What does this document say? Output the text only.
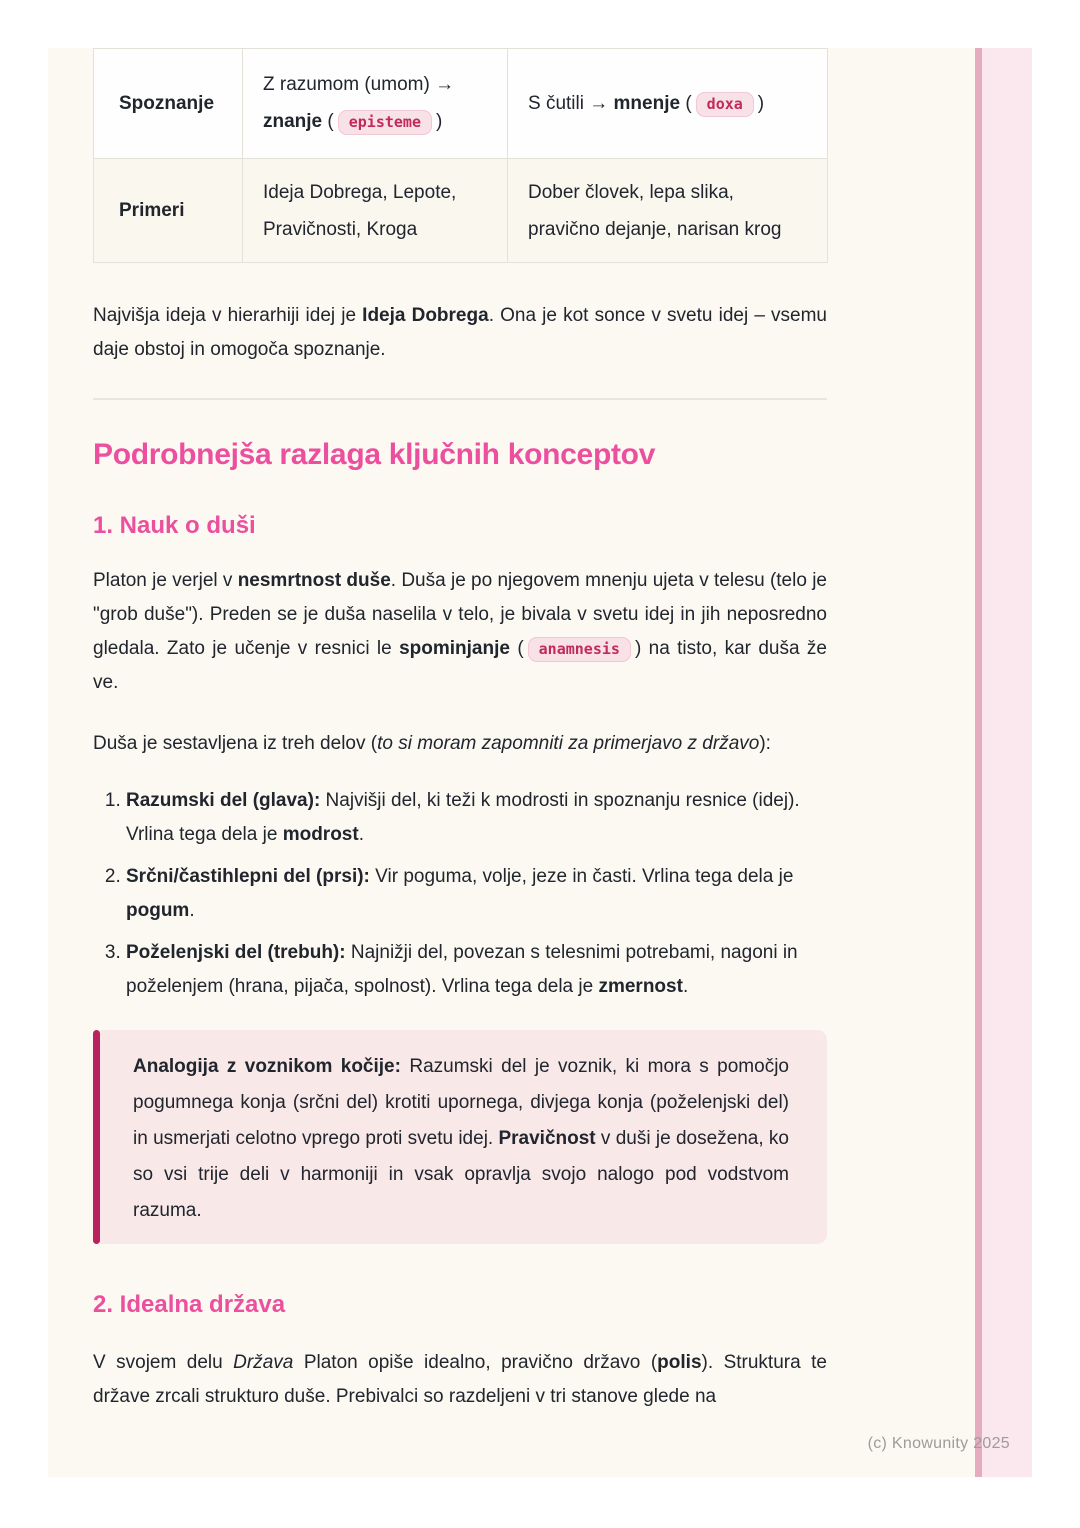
Spoznanje	Z razumom (umom) → znanje ( episteme )	S čutili → mnenje ( doxa )
Primeri	Ideja Dobrega, Lepote, Pravičnosti, Kroga	Dober človek, lepa slika, pravično dejanje, narisan krog

Najvišja ideja v hierarhiji idej je Ideja Dobrega. Ona je kot sonce v svetu idej – vsemu daje obstoj in omogoča spoznanje.

Podrobnejša razlaga ključnih konceptov
1. Nauk o duši

Platon je verjel v nesmrtnost duše. Duša je po njegovem mnenju ujeta v telesu (telo je "grob duše"). Preden se je duša naselila v telo, je bivala v svetu idej in jih neposredno gledala. Zato je učenje v resnici le spominjanje ( anamnesis ) na tisto, kar duša že ve.

Duša je sestavljena iz treh delov (to si moram zapomniti za primerjavo z državo):

1. Razumski del (glava): Najvišji del, ki teži k modrosti in spoznanju resnice (idej). Vrlina tega dela je modrost.
2. Srčni/častihlepni del (prsi): Vir poguma, volje, jeze in časti. Vrlina tega dela je pogum.
3. Poželenjski del (trebuh): Najnižji del, povezan s telesnimi potrebami, nagoni in poželenjem (hrana, pijača, spolnost). Vrlina tega dela je zmernost.

Analogija z voznikom kočije: Razumski del je voznik, ki mora s pomočjo pogumnega konja (srčni del) krotiti upornega, divjega konja (poželenjski del) in usmerjati celotno vprego proti svetu idej. Pravičnost v duši je dosežena, ko so vsi trije deli v harmoniji in vsak opravlja svojo nalogo pod vodstvom razuma.

2. Idealna država

V svojem delu Država Platon opiše idealno, pravično državo (polis). Struktura te države zrcali strukturo duše. Prebivalci so razdeljeni v tri stanove glede na

(c) Knowunity 2025
